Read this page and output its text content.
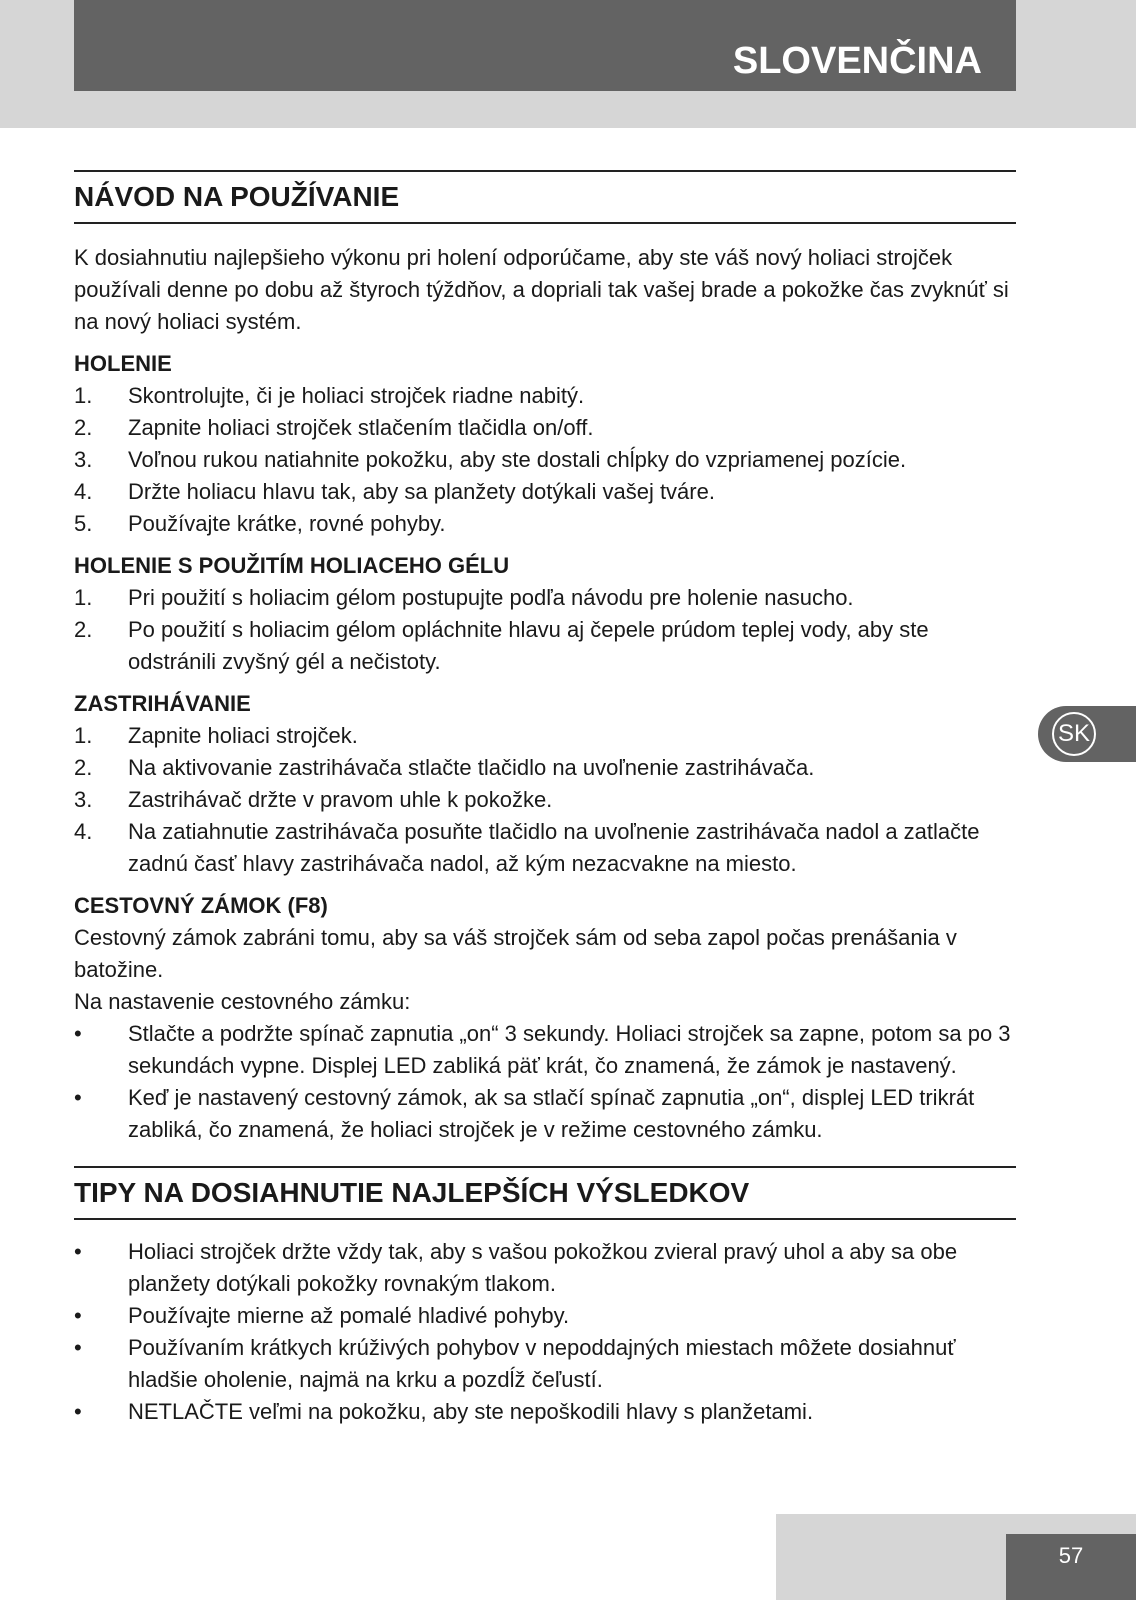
SLOVENČINA
NÁVOD NA POUŽÍVANIE

K dosiahnutiu najlepšieho výkonu pri holení odporúčame, aby ste váš nový holiaci strojček používali denne po dobu až štyroch týždňov, a dopriali tak vašej brade a pokožke čas zvyknúť si na nový holiaci systém.

HOLENIE
1.	Skontrolujte, či je holiaci strojček riadne nabitý.
2.	Zapnite holiaci strojček stlačením tlačidla on/off.
3.	Voľnou rukou natiahnite pokožku, aby ste dostali chĺpky do vzpriamenej pozície.
4.	Držte holiacu hlavu tak, aby sa planžety dotýkali vašej tváre.
5.	Používajte krátke, rovné pohyby.
HOLENIE S POUŽITÍM HOLIACEHO GÉLU
1.	Pri použití s holiacim gélom postupujte podľa návodu pre holenie nasucho.
2.	Po použití s holiacim gélom opláchnite hlavu aj čepele prúdom teplej vody, aby ste odstránili zvyšný gél a nečistoty.
ZASTRIHÁVANIE
1.	Zapnite holiaci strojček.
2.	Na aktivovanie zastrihávača stlačte tlačidlo na uvoľnenie zastrihávača.
3.	Zastrihávač držte v pravom uhle k pokožke.
4.	Na zatiahnutie zastrihávača posuňte tlačidlo na uvoľnenie zastrihávača nadol a zatlačte zadnú časť hlavy zastrihávača nadol, až kým nezacvakne na miesto.
CESTOVNÝ ZÁMOK (F8)

Cestovný zámok zabráni tomu, aby sa váš strojček sám od seba zapol počas prenášania v batožine.

Na nastavenie cestovného zámku:

•	Stlačte a podržte spínač zapnutia „on“ 3 sekundy. Holiaci strojček sa zapne, potom sa po 3 sekundách vypne. Displej LED zabliká päť krát, čo znamená, že zámok je nastavený.
•	Keď je nastavený cestovný zámok, ak sa stlačí spínač zapnutia „on“, displej LED trikrát zabliká, čo znamená, že holiaci strojček je v režime cestovného zámku.
TIPY NA DOSIAHNUTIE NAJLEPŠÍCH VÝSLEDKOV
•	Holiaci strojček držte vždy tak, aby s vašou pokožkou zvieral pravý uhol a aby sa obe planžety dotýkali pokožky rovnakým tlakom.
•	Používajte mierne až pomalé hladivé pohyby.
•	Používaním krátkych krúživých pohybov v nepoddajných miestach môžete dosiahnuť hladšie oholenie, najmä na krku a pozdĺž čeľustí.
•	NETLAČTE veľmi na pokožku, aby ste nepoškodili hlavy s planžetami.
SK
57
